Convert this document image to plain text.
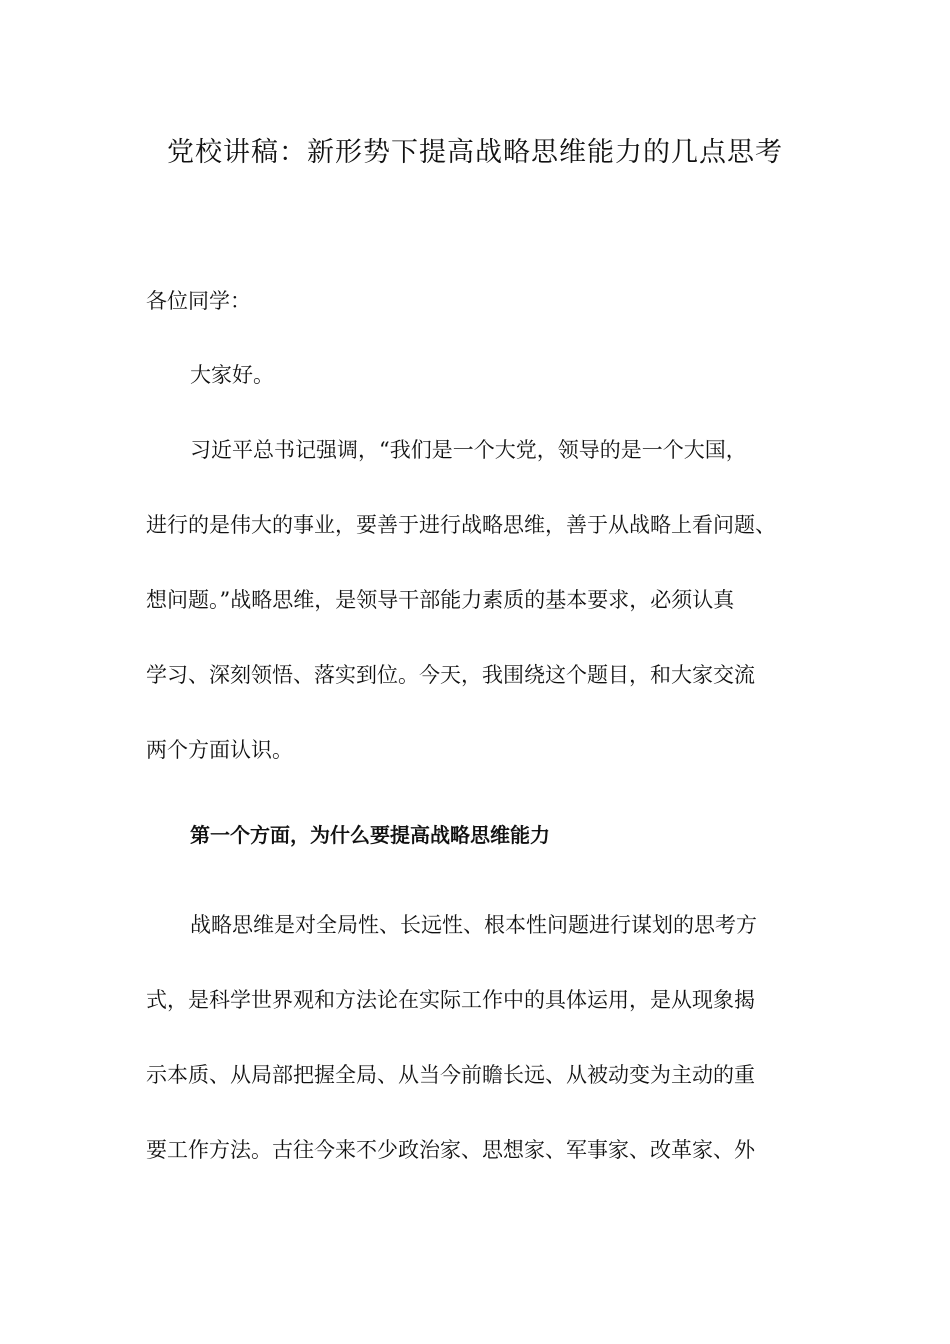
党校讲稿：新形势下提高战略思维能力的几点思考

各位同学：

大家好。

习近平总书记强调，“我们是一个大党，领导的是一个大国，

进行的是伟大的事业，要善于进行战略思维，善于从战略上看问题、

想问题。”战略思维，是领导干部能力素质的基本要求，必须认真

学习、深刻领悟、落实到位。今天，我围绕这个题目，和大家交流

两个方面认识。

第一个方面，为什么要提高战略思维能力

战略思维是对全局性、长远性、根本性问题进行谋划的思考方

式，是科学世界观和方法论在实际工作中的具体运用，是从现象揭

示本质、从局部把握全局、从当今前瞻长远、从被动变为主动的重

要工作方法。古往今来不少政治家、思想家、军事家、改革家、外
